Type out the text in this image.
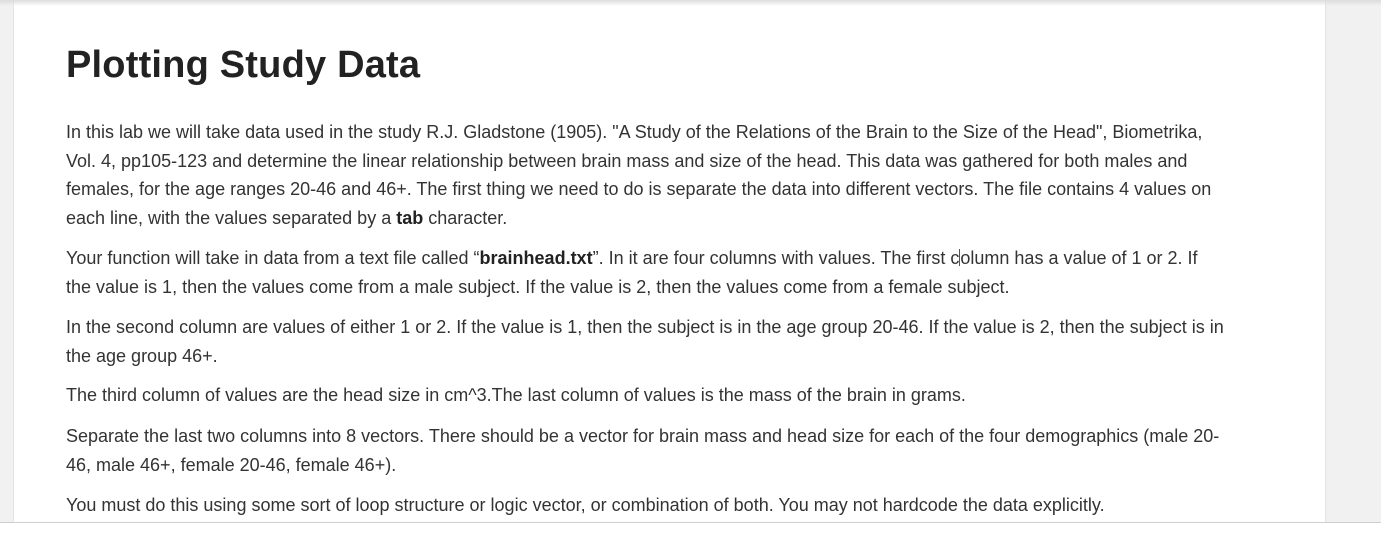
Plotting Study Data

In this lab we will take data used in the study R.J. Gladstone (1905). "A Study of the Relations of the Brain to the Size of the Head", Biometrika, Vol. 4, pp105-123 and determine the linear relationship between brain mass and size of the head. This data was gathered for both males and females, for the age ranges 20-46 and 46+. The first thing we need to do is separate the data into different vectors. The file contains 4 values on each line, with the values separated by a tab character.

Your function will take in data from a text file called “brainhead.txt”. In it are four columns with values. The first column has a value of 1 or 2. If the value is 1, then the values come from a male subject. If the value is 2, then the values come from a female subject.

In the second column are values of either 1 or 2. If the value is 1, then the subject is in the age group 20-46. If the value is 2, then the subject is in the age group 46+.

The third column of values are the head size in cm^3.The last column of values is the mass of the brain in grams.

Separate the last two columns into 8 vectors. There should be a vector for brain mass and head size for each of the four demographics (male 20-46, male 46+, female 20-46, female 46+).

You must do this using some sort of loop structure or logic vector, or combination of both. You may not hardcode the data explicitly.
